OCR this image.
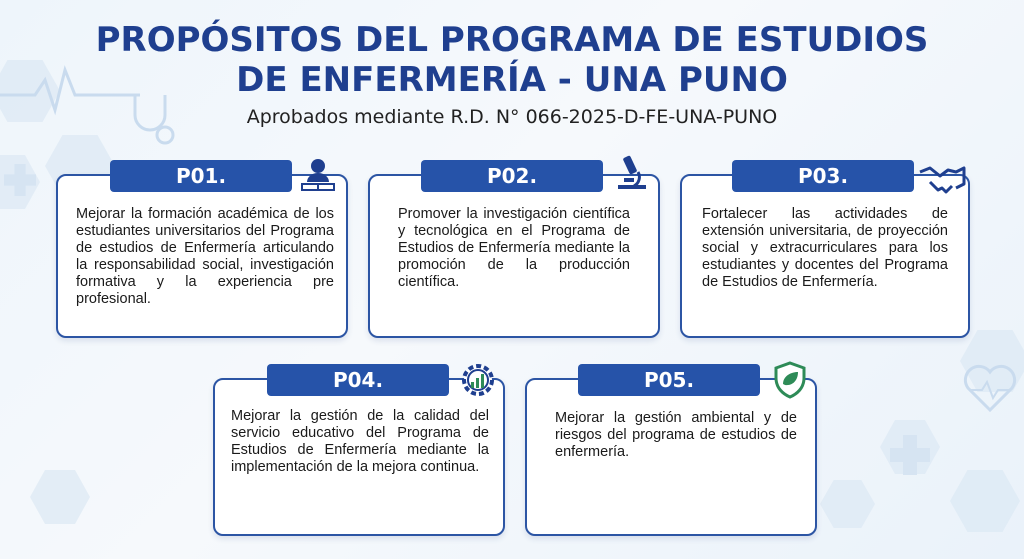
PROPÓSITOS DEL PROGRAMA DE ESTUDIOS
DE ENFERMERÍA - UNA PUNO
Aprobados mediante R.D. N° 066-2025-D-FE-UNA-PUNO
P01.
Mejorar la formación académica de los estudiantes universitarios del Programa de estudios de Enfermería articulando la responsabilidad social, investigación formativa y la experiencia pre profesional.
P02.
Promover la investigación científica y tecnológica en el Programa de Estudios de Enfermería mediante la promoción de la producción científica.
P03.
Fortalecer las actividades de extensión universitaria, de proyección social y extracurriculares para los estudiantes y docentes del Programa de Estudios de Enfermería.
P04.
Mejorar la gestión de la calidad del servicio educativo del Programa de Estudios de Enfermería mediante la implementación de la mejora continua.
P05.
Mejorar la gestión ambiental y de riesgos del programa de estudios de enfermería.
